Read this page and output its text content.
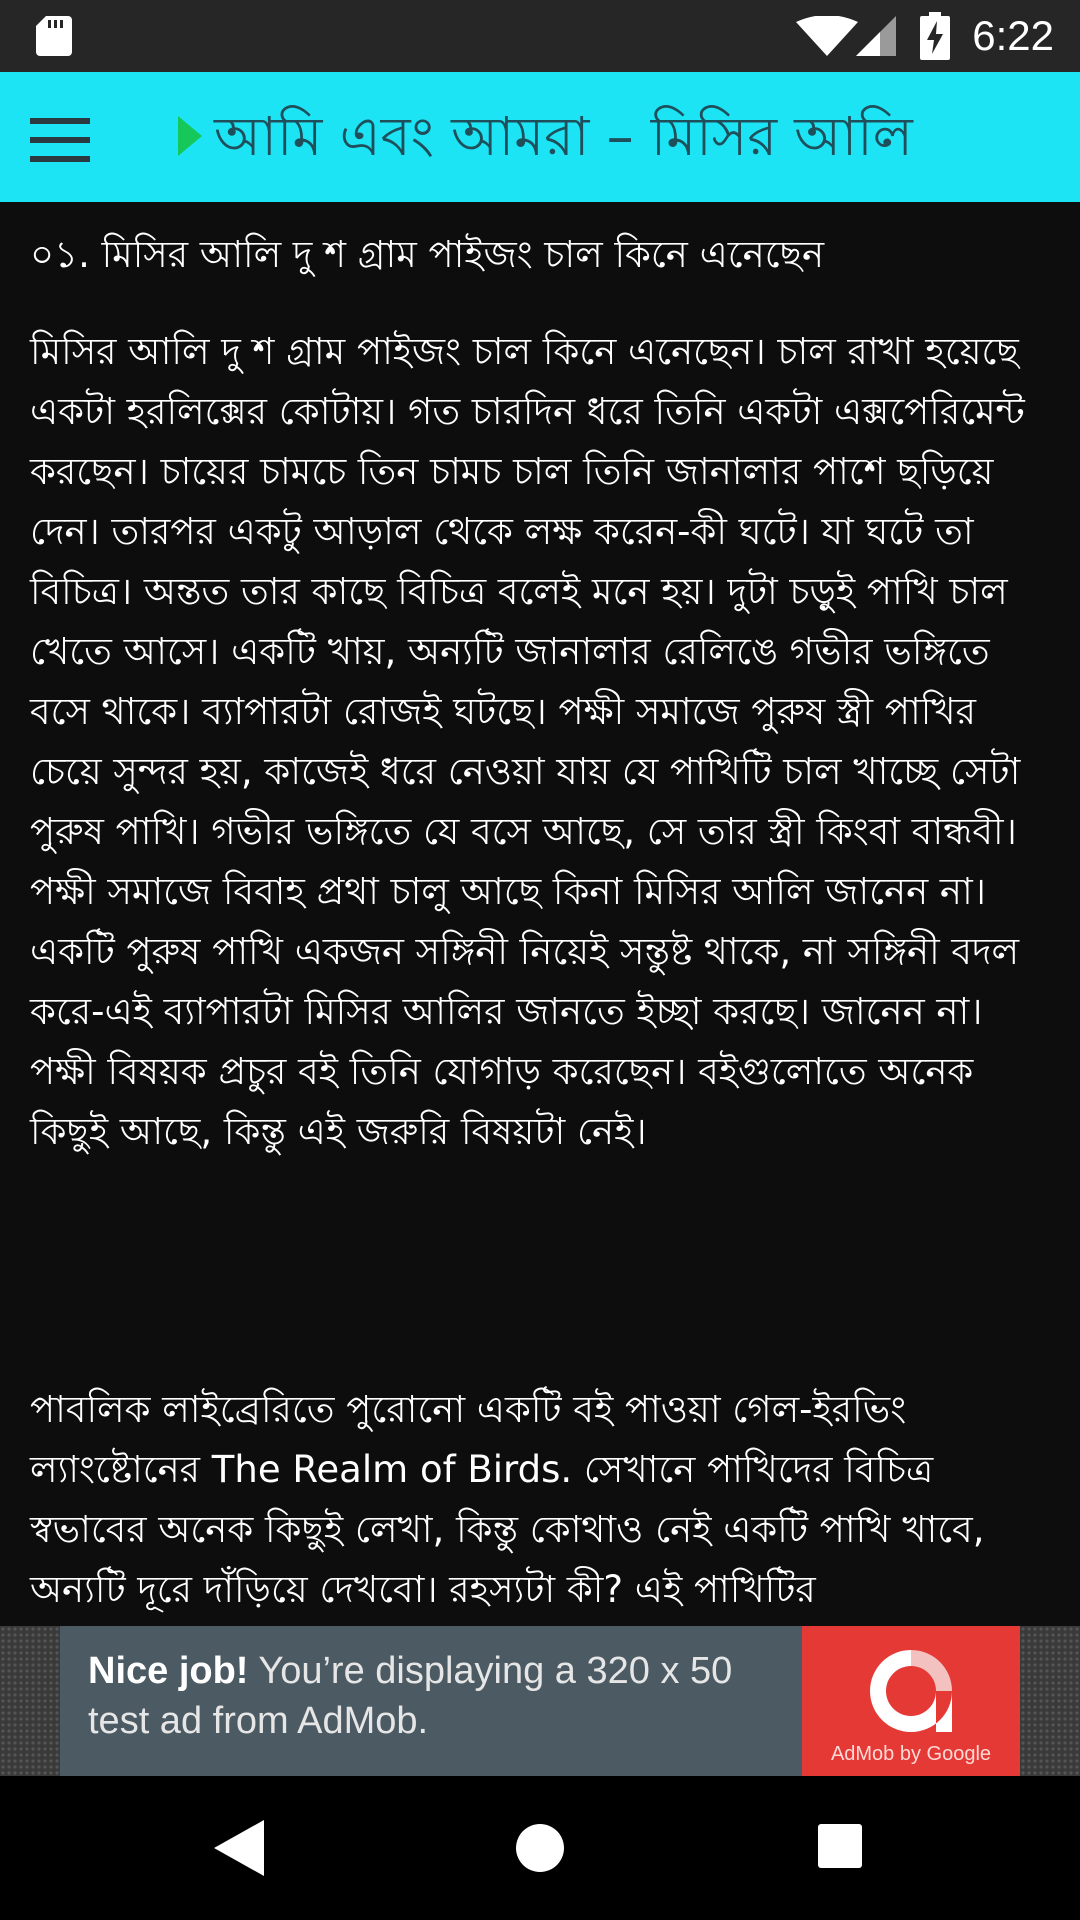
6:22
আমি এবং আমরা – মিসির আলি
০১. মিসির আলি দু শ গ্রাম পাইজং চাল কিনে এনেছেন
মিসির আলি দু শ গ্রাম পাইজং চাল কিনে এনেছেন। চাল রাখা হয়েছে একটা হরলিক্সের কোটায়। গত চারদিন ধরে তিনি একটা এক্সপেরিমেন্ট করছেন। চায়ের চামচে তিন চামচ চাল তিনি জানালার পাশে ছড়িয়ে দেন। তারপর একটু আড়াল থেকে লক্ষ করেন-কী ঘটে। যা ঘটে তা বিচিত্র। অন্তত তার কাছে বিচিত্র বলেই মনে হয়। দুটা চড়ুই পাখি চাল খেতে আসে। একটি খায়, অন্যটি জানালার রেলিঙে গভীর ভঙ্গিতে বসে থাকে। ব্যাপারটা রোজই ঘটছে। পক্ষী সমাজে পুরুষ স্ত্রী পাখির চেয়ে সুন্দর হয়, কাজেই ধরে নেওয়া যায় যে পাখিটি চাল খাচ্ছে সেটা পুরুষ পাখি। গভীর ভঙ্গিতে যে বসে আছে, সে তার স্ত্রী কিংবা বান্ধবী। পক্ষী সমাজে বিবাহ প্রথা চালু আছে কিনা মিসির আলি জানেন না। একটি পুরুষ পাখি একজন সঙ্গিনী নিয়েই সন্তুষ্ট থাকে, না সঙ্গিনী বদল করে-এই ব্যাপারটা মিসির আলির জানতে ইচ্ছা করছে। জানেন না। পক্ষী বিষয়ক প্রচুর বই তিনি যোগাড় করেছেন। বইগুলোতে অনেক কিছুই আছে, কিন্তু এই জরুরি বিষয়টা নেই।
পাবলিক লাইব্রেরিতে পুরোনো একটি বই পাওয়া গেল-ইরভিং ল্যাংষ্টোনের The Realm of Birds. সেখানে পাখিদের বিচিত্র স্বভাবের অনেক কিছুই লেখা, কিন্তু কোথাও নেই একটি পাখি খাবে, অন্যটি দূরে দাঁড়িয়ে দেখবো। রহস্যটা কী? এই পাখিটির
Nice job! You’re displaying a 320 x 50 test ad from AdMob.
AdMob by Google
